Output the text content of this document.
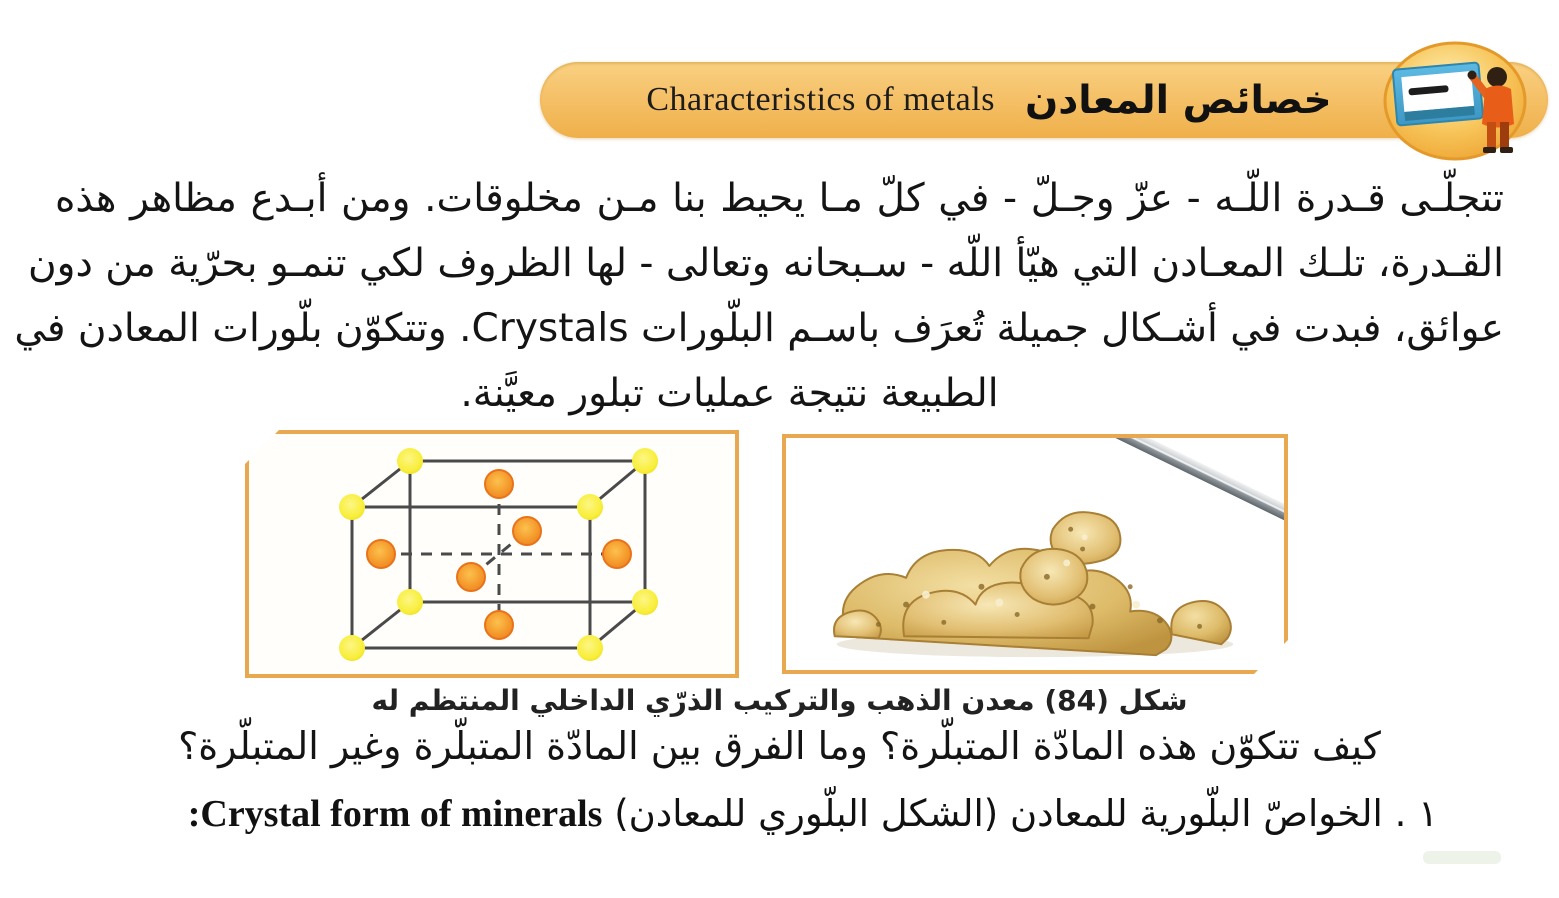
Characteristics of metals خصائص المعادن
تتجلّـى قـدرة اللّـه - عزّ وجـلّ - في كلّ مـا يحيط بنا مـن مخلوقات. ومن أبـدع مظاهر هذه
القـدرة، تلـك المعـادن التي هيّأ اللّه - سـبحانه وتعالى - لها الظروف لكي تنمـو بحرّية من دون
عوائق، فبدت في أشـكال جميلة تُعرَف باسـم البلّورات Crystals. وتتكوّن بلّورات المعادن في
الطبيعة نتيجة عمليات تبلور معيَّنة.
شكل (84) معدن الذهب والتركيب الذرّي الداخلي المنتظم له
كيف تتكوّن هذه المادّة المتبلّرة؟ وما الفرق بين المادّة المتبلّرة وغير المتبلّرة؟
١ . الخواصّ البلّورية للمعادن (الشكل البلّوري للمعادن) Crystal form of minerals:
